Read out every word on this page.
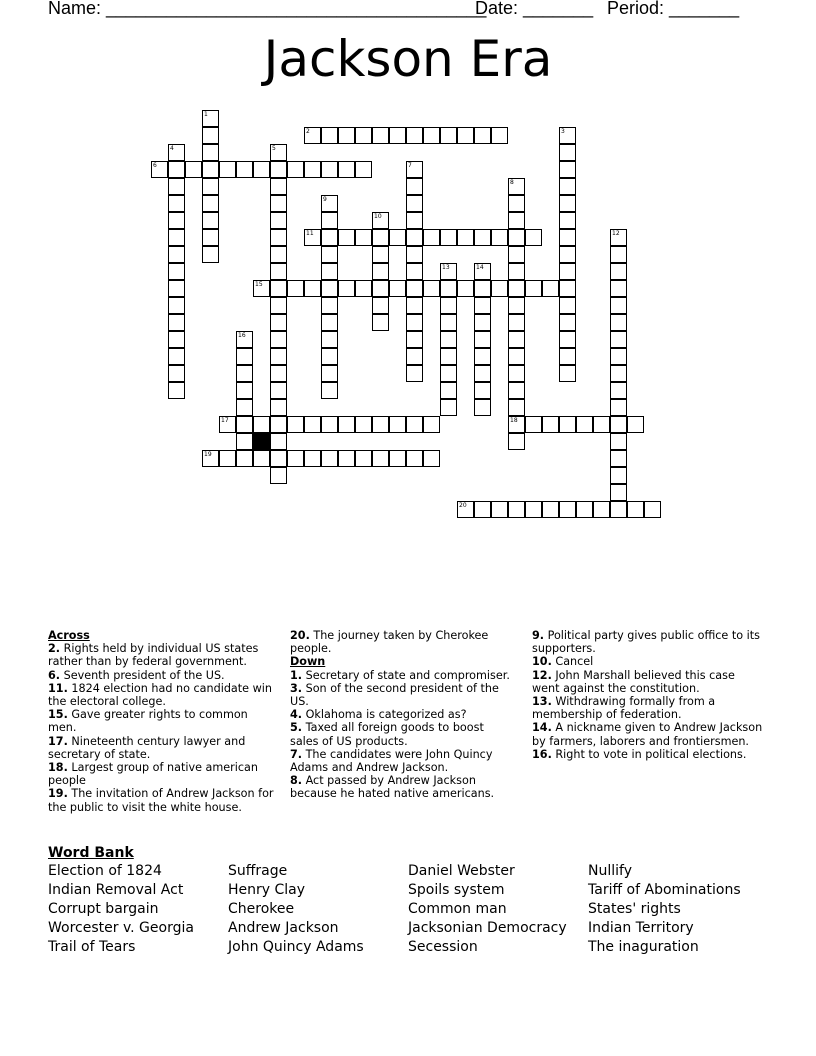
Name: ______________________________________
Date: _______ Period: _______
Jackson Era
1
2	3
4	5
6	7
8
18
9
10
11	12
13	14
15
16
17
19
20
Across
2. Rights held by individual US states rather than by federal government.
6. Seventh president of the US.
11. 1824 election had no candidate win the electoral college.
15. Gave greater rights to common men.
17. Nineteenth century lawyer and secretary of state.
18. Largest group of native american people
19. The invitation of Andrew Jackson for the public to visit the white house.
20. The journey taken by Cherokee people.
Down
1. Secretary of state and compromiser.
3. Son of the second president of the US.
4. Oklahoma is categorized as?
5. Taxed all foreign goods to boost sales of US products.
7. The candidates were John Quincy Adams and Andrew Jackson.
8. Act passed by Andrew Jackson because he hated native americans.
9. Political party gives public office to its supporters.
10. Cancel
12. John Marshall believed this case went against the constitution.
13. Withdrawing formally from a membership of federation.
14. A nickname given to Andrew Jackson by farmers, laborers and frontiersmen.
16. Right to vote in political elections.
Word Bank
Election of 1824
Indian Removal Act
Corrupt bargain
Worcester v. Georgia
Trail of Tears
Suffrage
Henry Clay
Cherokee
Andrew Jackson
John Quincy Adams
Daniel Webster
Spoils system
Common man
Jacksonian Democracy
Secession
Nullify
Tariff of Abominations
States' rights
Indian Territory
The inaguration
